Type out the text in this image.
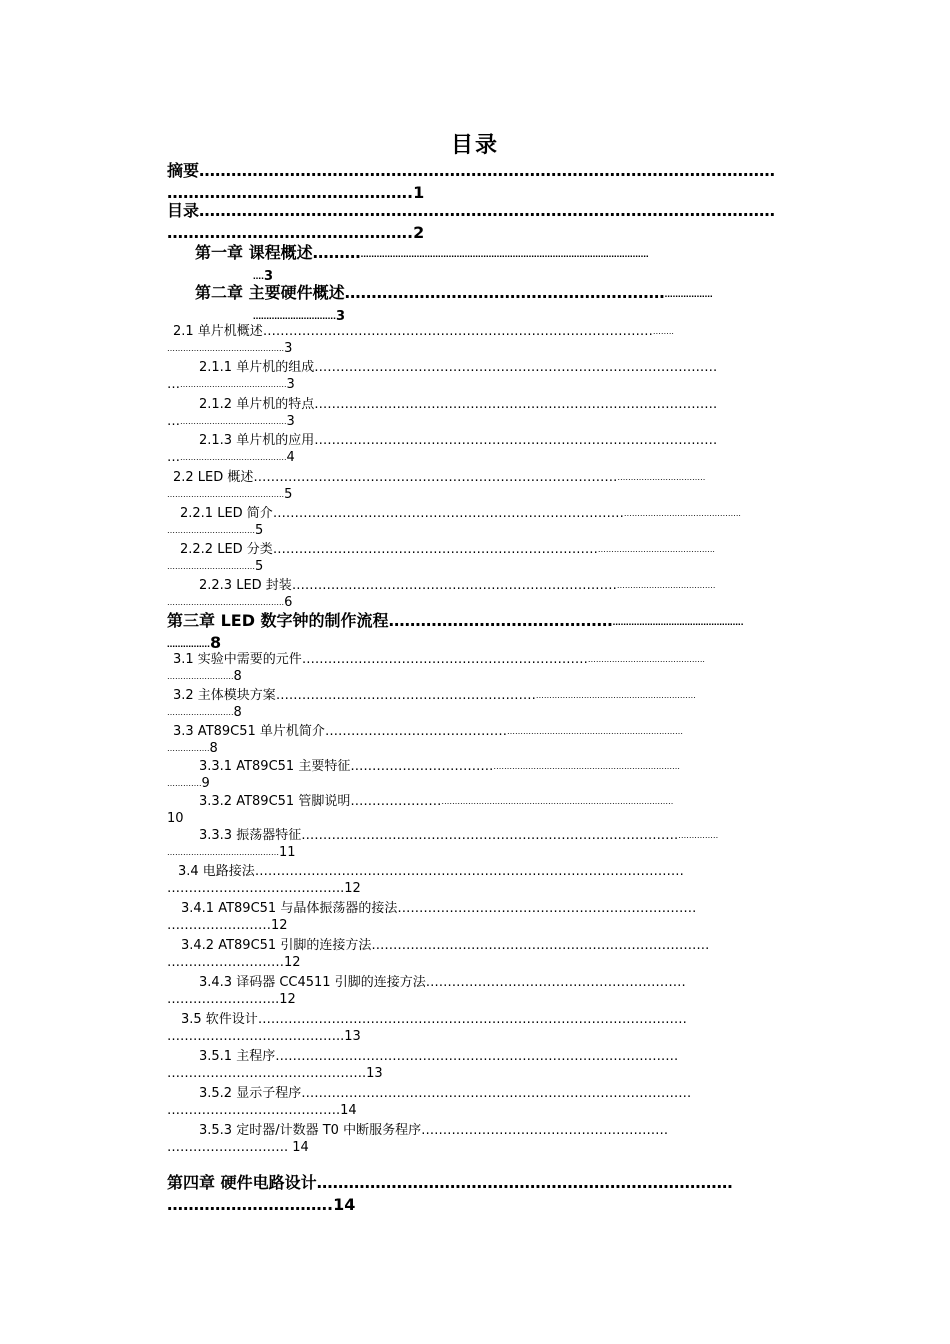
目录
摘要………………………………………………………………………………………………
……………………………………….1
目录………………………………………………………………………………………………
……………………………………….2
第一章 课程概述………………………………………………………………………………………………………
….3
第二章 主要硬件概述……………………………………………………………………
………………………….3
2.1 单片机概述……………………………………………………………………………………..
……………………………………..3
2.1.1 单片机的组成…………………………………………………………………………………
…………………………………….3
2.1.2 单片机的特点…………………………………………………………………………………
…………………………………….3
2.1.3 单片机的应用…………………………………………………………………………………
…………………………………….4
2.2 LED 概述………………………………………………………………………………………………………
……………………………………..5
2.2.1 LED 简介……………………………………………………………………………………………………………..
……………………………5
2.2.2 LED 分类………………………………………………………………………………………………………..
……………………………5
2.2.3 LED 封装………………………………………………………………………………………………….
……………………………………..6
第三章 LED 数字钟的制作流程……………………………………………………………………………….
…………….8
3.1 实验中需要的元件………………………………………………………………………………………………..
…………………….8
3.2 主体模块方案…………………………………………………………………………………………………………
…………………….8
3.3 AT89C51 单片机简介………………………………………………………………………………………………
…………….8
3.3.1 AT89C51 主要特征………………………………………………………………………………………….
………….9
3.3.2 AT89C51 管脚说明………………………………………………………………………………………………
10
3.3.3 振荡器特征…………………………………………………………………………………………
……………………………………11
3.4 电路接法………………………………………………………………………………………
…………………………………..12
3.4.1 AT89C51 与晶体振荡器的接法……………………………………………………………
……………………12
3.4.2 AT89C51 引脚的连接方法……………………………………………………………………
………………………12
3.4.3 译码器 CC4511 引脚的连接方法……………………………………………………
……………………..12
3.5 软件设计………………………………………………………………………………………
…………………………………..13
3.5.1 主程序…………………………………………………………………………………
……………………………………….13
3.5.2 显示子程序………………………………………………………………………………
………………………………….14
3.5.3 定时器/计数器 T0 中断服务程序…………………………………………………
………………………. 14
第四章 硬件电路设计……………………………………………………………………
………………………….14
